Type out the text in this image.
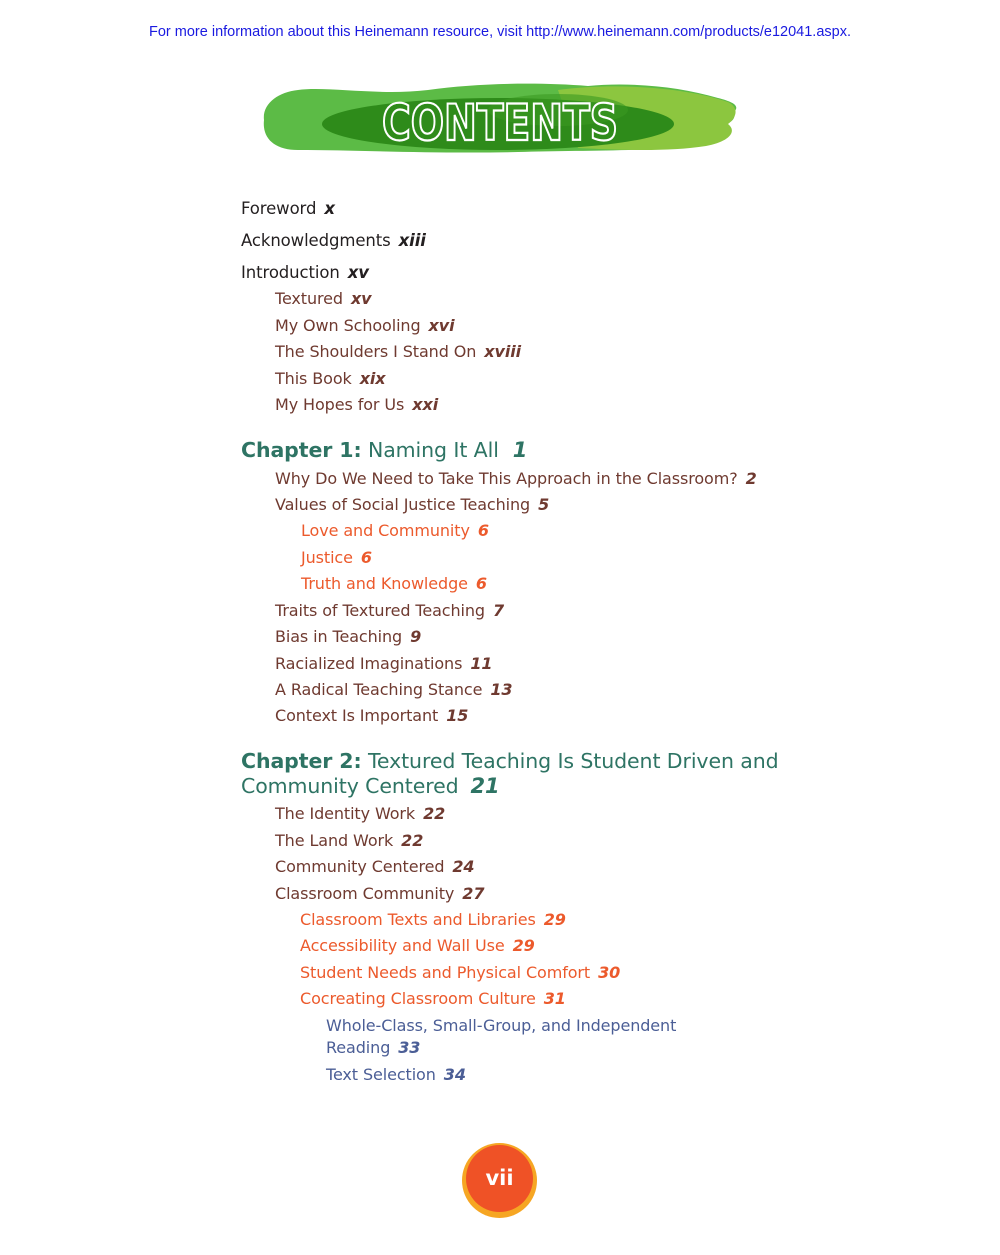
For more information about this Heinemann resource, visit http://www.heinemann.com/products/e12041.aspx.
CONTENTS
Foreword x
Acknowledgments xiii
Introduction xv
Textured xv
My Own Schooling xvi
The Shoulders I Stand On xviii
This Book xix
My Hopes for Us xxi
Chapter 1: Naming It All 1
Why Do We Need to Take This Approach in the Classroom? 2
Values of Social Justice Teaching 5
Love and Community 6
Justice 6
Truth and Knowledge 6
Traits of Textured Teaching 7
Bias in Teaching 9
Racialized Imaginations 11
A Radical Teaching Stance 13
Context Is Important 15
Chapter 2: Textured Teaching Is Student Driven and
Community Centered 21
The Identity Work 22
The Land Work 22
Community Centered 24
Classroom Community 27
Classroom Texts and Libraries 29
Accessibility and Wall Use 29
Student Needs and Physical Comfort 30
Cocreating Classroom Culture 31
Whole-Class, Small-Group, and Independent
Reading 33
Text Selection 34
vii
